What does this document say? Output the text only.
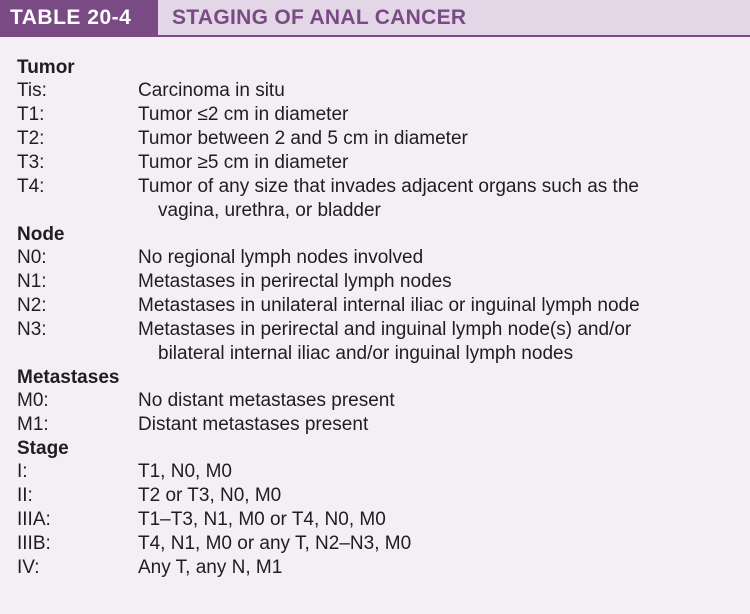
TABLE 20-4	STAGING OF ANAL CANCER
Tumor
Tis:	Carcinoma in situ
T1:	Tumor ≤2 cm in diameter
T2:	Tumor between 2 and 5 cm in diameter
T3:	Tumor ≥5 cm in diameter
T4:	Tumor of any size that invades adjacent organs such as the
vagina, urethra, or bladder
Node
N0:	No regional lymph nodes involved
N1:	Metastases in perirectal lymph nodes
N2:	Metastases in unilateral internal iliac or inguinal lymph node
N3:	Metastases in perirectal and inguinal lymph node(s) and/or
bilateral internal iliac and/or inguinal lymph nodes
Metastases
M0:	No distant metastases present
M1:	Distant metastases present
Stage
I:	T1, N0, M0
II:	T2 or T3, N0, M0
IIIA:	T1–T3, N1, M0 or T4, N0, M0
IIIB:	T4, N1, M0 or any T, N2–N3, M0
IV:	Any T, any N, M1
